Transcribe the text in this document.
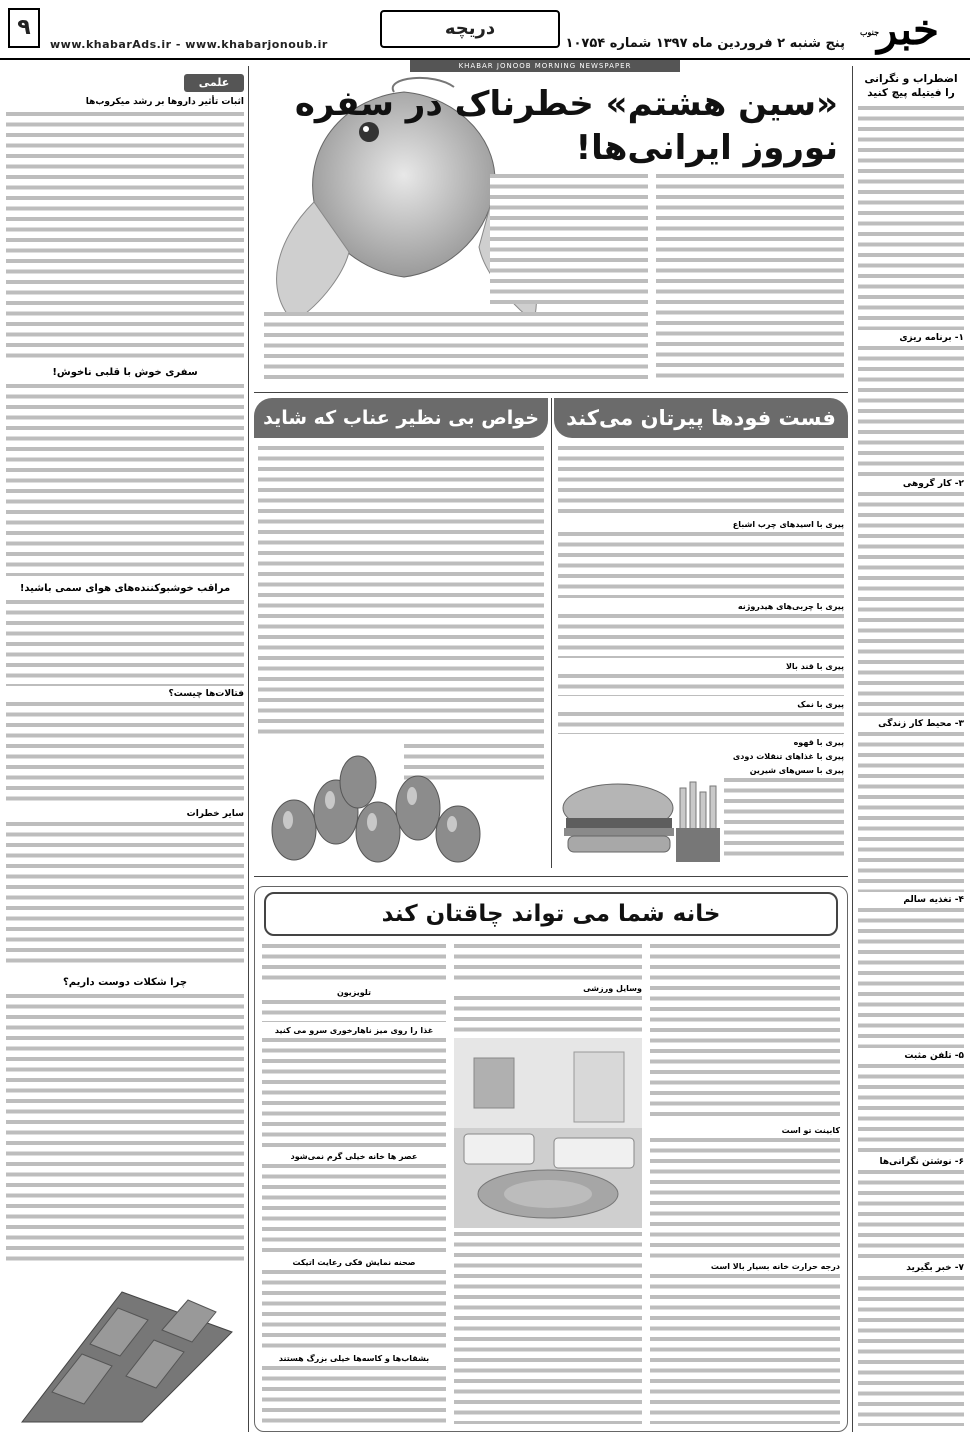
جنوب
خبر
پنج شنبه ۲ فروردین ماه ۱۳۹۷ شماره ۱۰۷۵۴
دریچه
www.khabarAds.ir - www.khabarjonoub.ir
۹
KHABAR JONOOB MORNING NEWSPAPER
اضطراب و نگرانی را فیتیله پیچ کنید
۱- برنامه ریزی
۲- کار گروهی
۳- محیط کار زندگی
۴- تغذیه سالم
۵- تلفن مثبت
۶- نوشتن نگرانی‌ها
۷- خبر بگیرید
علمی
اثبات تأثیر داروها بر رشد میکروب‌ها
سفری خوش با قلبی ناخوش!
مراقب خوشبوکننده‌های هوای سمی باشید!
فتالات‌ها چیست؟
سایر خطرات
چرا شکلات دوست داریم؟
«سین هشتم» خطرناک در سفره
نوروز ایرانی‌ها!
فست فودها پیرتان می‌کند
پیری با اسیدهای چرب اشباع
پیری با چربی‌های هیدروژنه
پیری با قند بالا
پیری با نمک
پیری با قهوه
پیری با غذاهای تنقلات دودی
پیری با سس‌های شیرین
خواص بی نظیر عناب که شاید
خانه شما می تواند چاقتان کند
کابینت تو است
درجه حرارت خانه بسیار بالا است
وسایل ورزشی
تلویزیون
غذا را روی میز ناهارخوری سرو می کنید
عصر ها خانه خیلی گرم نمی‌شود
صحنه نمایش فکی رعایت اتیکت
بشقاب‌ها و کاسه‌ها خیلی بزرگ هستند
